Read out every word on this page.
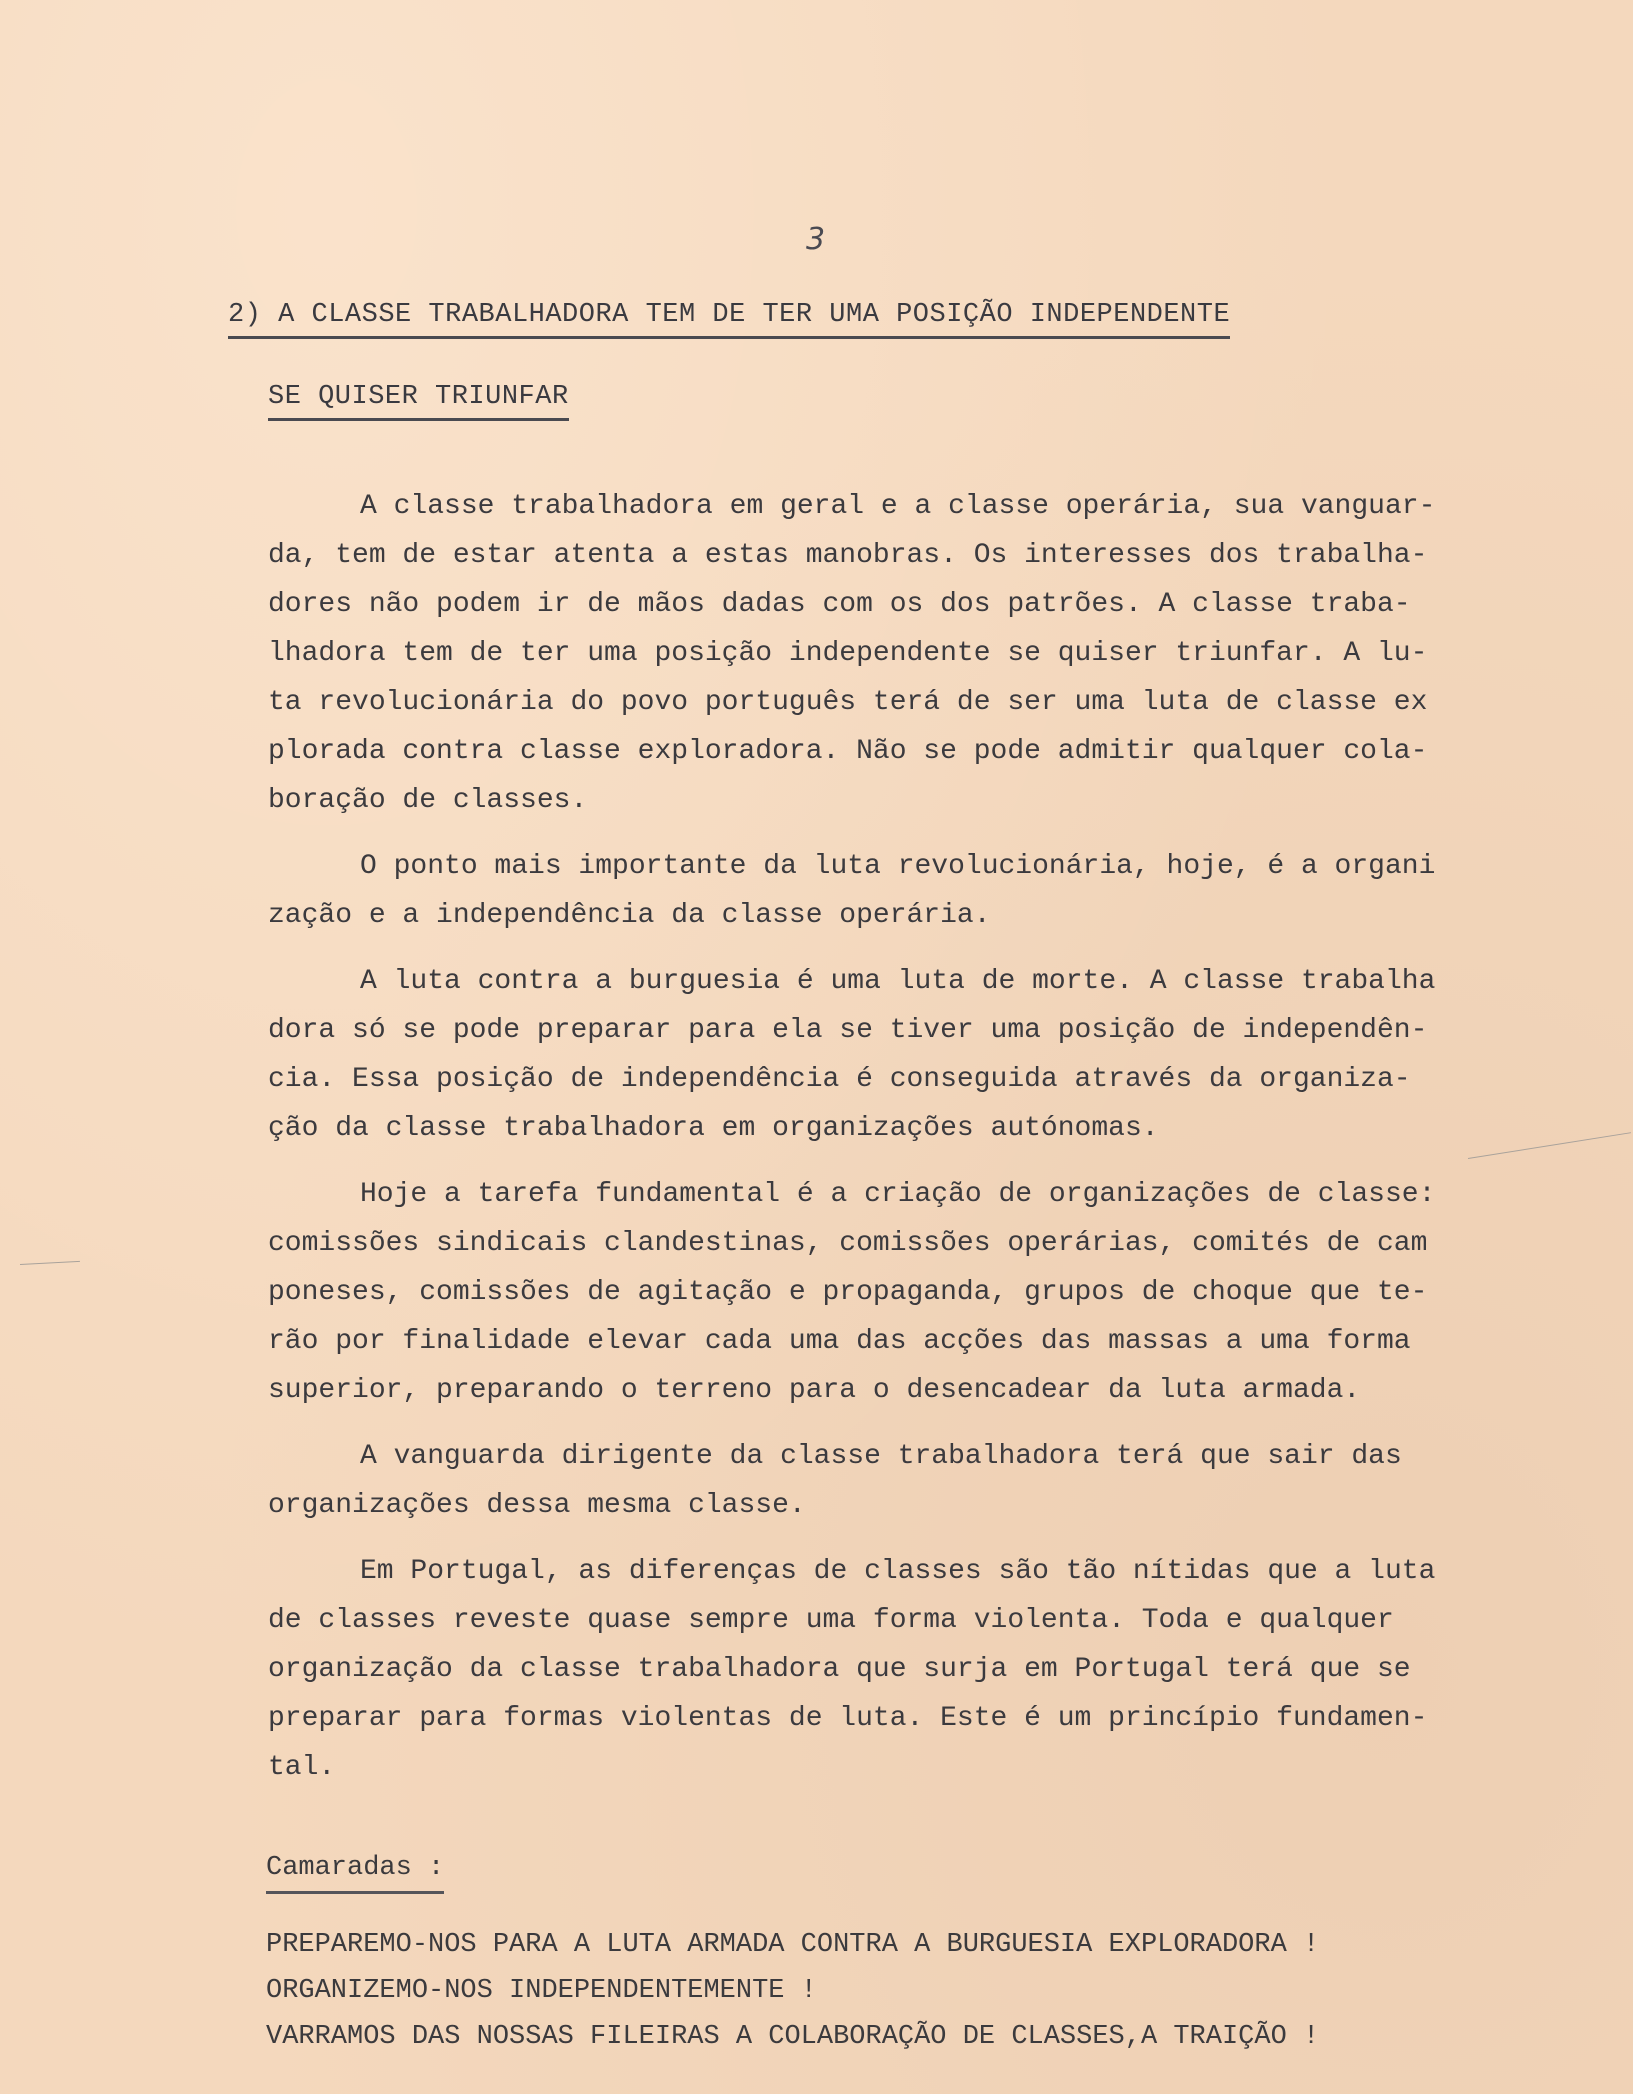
3
2) A CLASSE TRABALHADORA TEM DE TER UMA POSIÇÃO INDEPENDENTE
SE QUISER TRIUNFAR
A classe trabalhadora em geral e a classe operária, sua vanguar-
da, tem de estar atenta a estas manobras. Os interesses dos trabalha-
dores não podem ir de mãos dadas com os dos patrões. A classe traba-
lhadora tem de ter uma posição independente se quiser triunfar. A lu-
ta revolucionária do povo português terá de ser uma luta de classe ex
plorada contra classe exploradora. Não se pode admitir qualquer cola-
boração de classes.
O ponto mais importante da luta revolucionária, hoje, é a organi
zação e a independência da classe operária.
A luta contra a burguesia é uma luta de morte. A classe trabalha
dora só se pode preparar para ela se tiver uma posição de independên-
cia. Essa posição de independência é conseguida através da organiza-
ção da classe trabalhadora em organizações autónomas.
Hoje a tarefa fundamental é a criação de organizações de classe:
comissões sindicais clandestinas, comissões operárias, comités de cam
poneses, comissões de agitação e propaganda, grupos de choque que te-
rão por finalidade elevar cada uma das acções das massas a uma forma
superior, preparando o terreno para o desencadear da luta armada.
A vanguarda dirigente da classe trabalhadora terá que sair das
organizações dessa mesma classe.
Em Portugal, as diferenças de classes são tão nítidas que a luta
de classes reveste quase sempre uma forma violenta. Toda e qualquer
organização da classe trabalhadora que surja em Portugal terá que se
preparar para formas violentas de luta. Este é um princípio fundamen-
tal.
Camaradas :
PREPAREMO-NOS PARA A LUTA ARMADA CONTRA A BURGUESIA EXPLORADORA !
ORGANIZEMO-NOS INDEPENDENTEMENTE !
VARRAMOS DAS NOSSAS FILEIRAS A COLABORAÇÃO DE CLASSES,A TRAIÇÃO !
